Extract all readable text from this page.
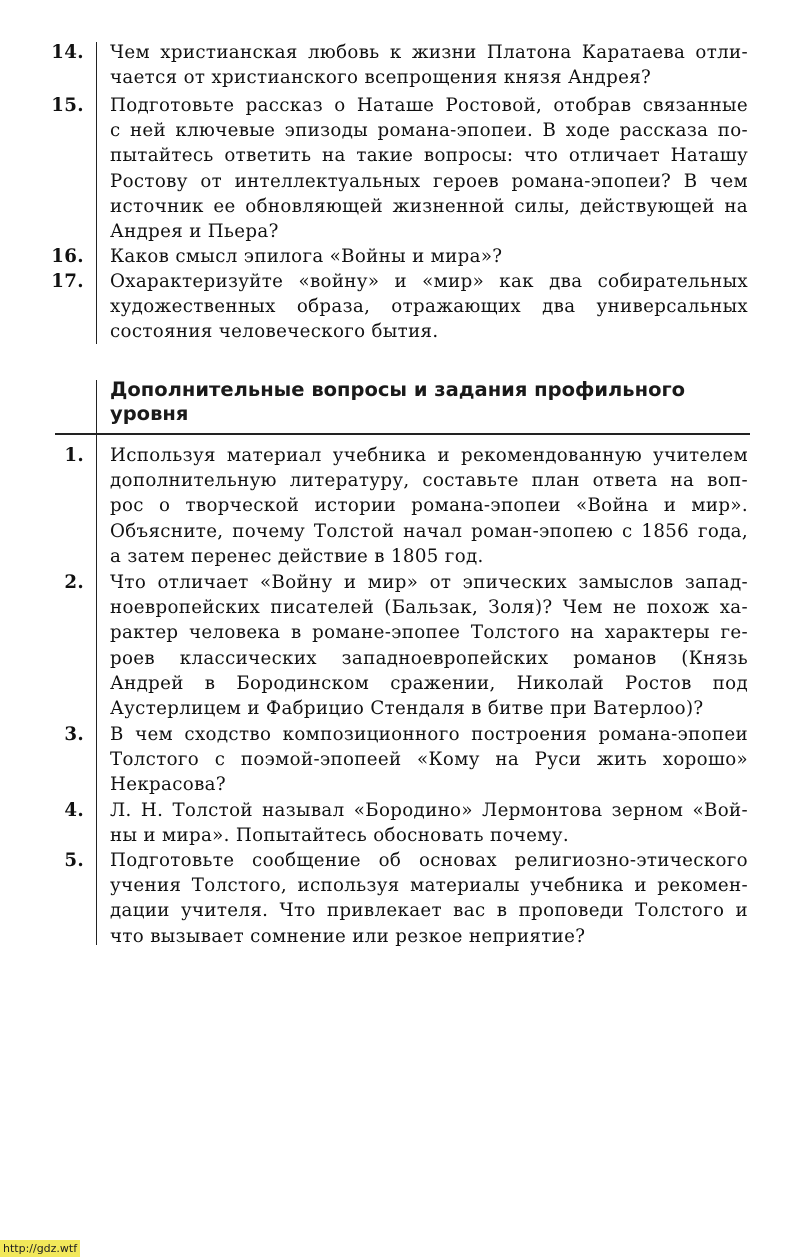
14. Чем христианская любовь к жизни Платона Каратаева отли-
чается от христианского всепрощения князя Андрея?
15. Подготовьте рассказ о Наташе Ростовой, отобрав связанные
с ней ключевые эпизоды романа-эпопеи. В ходе рассказа по-
пытайтесь ответить на такие вопросы: что отличает Наташу
Ростову от интеллектуальных героев романа-эпопеи? В чем
источник ее обновляющей жизненной силы, действующей на
Андрея и Пьера?
16. Каков смысл эпилога «Войны и мира»?
17. Охарактеризуйте «войну» и «мир» как два собирательных
художественных образа, отражающих два универсальных
состояния человеческого бытия.
Дополнительные вопросы и задания профильного уровня
1. Используя материал учебника и рекомендованную учителем
дополнительную литературу, составьте план ответа на воп-
рос о творческой истории романа-эпопеи «Война и мир».
Объясните, почему Толстой начал роман-эпопею с 1856 года,
а затем перенес действие в 1805 год.
2. Что отличает «Войну и мир» от эпических замыслов запад-
ноевропейских писателей (Бальзак, Золя)? Чем не похож ха-
рактер человека в романе-эпопее Толстого на характеры ге-
роев классических западноевропейских романов (Князь
Андрей в Бородинском сражении, Николай Ростов под
Аустерлицем и Фабрицио Стендаля в битве при Ватерлоо)?
3. В чем сходство композиционного построения романа-эпопеи
Толстого с поэмой-эпопеей «Кому на Руси жить хорошо»
Некрасова?
4. Л. Н. Толстой называл «Бородино» Лермонтова зерном «Вой-
ны и мира». Попытайтесь обосновать почему.
5. Подготовьте сообщение об основах религиозно-этического
учения Толстого, используя материалы учебника и рекомен-
дации учителя. Что привлекает вас в проповеди Толстого и
что вызывает сомнение или резкое неприятие?
http://gdz.wtf
